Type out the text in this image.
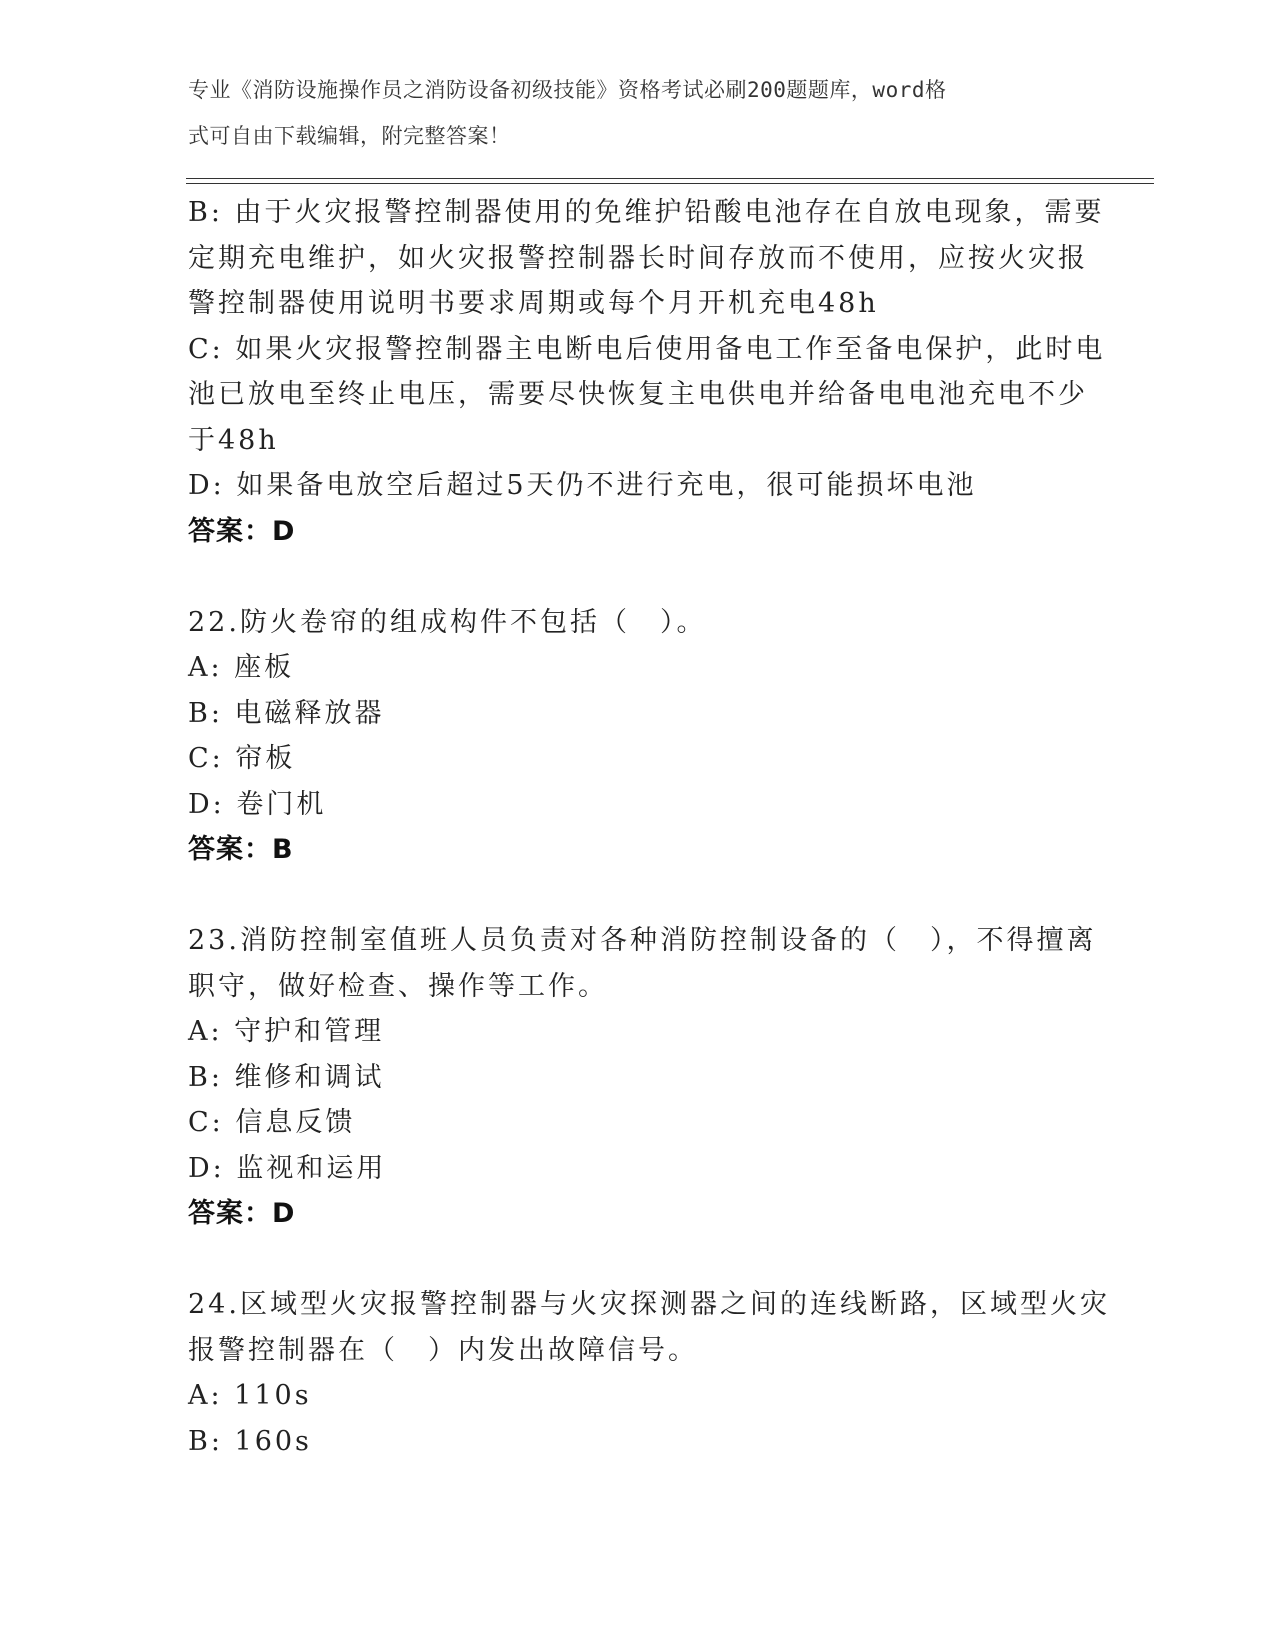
专业《消防设施操作员之消防设备初级技能》资格考试必刷200题题库，word格
式可自由下载编辑，附完整答案！
B: 由于火灾报警控制器使用的免维护铅酸电池存在自放电现象，需要
定期充电维护，如火灾报警控制器长时间存放而不使用，应按火灾报
警控制器使用说明书要求周期或每个月开机充电48h
C: 如果火灾报警控制器主电断电后使用备电工作至备电保护，此时电
池已放电至终止电压，需要尽快恢复主电供电并给备电电池充电不少
于48h
D: 如果备电放空后超过5天仍不进行充电，很可能损坏电池
答案：D
22.防火卷帘的组成构件不包括（　）。
A: 座板
B: 电磁释放器
C: 帘板
D: 卷门机
答案：B
23.消防控制室值班人员负责对各种消防控制设备的（　），不得擅离
职守，做好检查、操作等工作。
A: 守护和管理
B: 维修和调试
C: 信息反馈
D: 监视和运用
答案：D
24.区域型火灾报警控制器与火灾探测器之间的连线断路，区域型火灾
报警控制器在（　）内发出故障信号。
A: 110s
B: 160s
